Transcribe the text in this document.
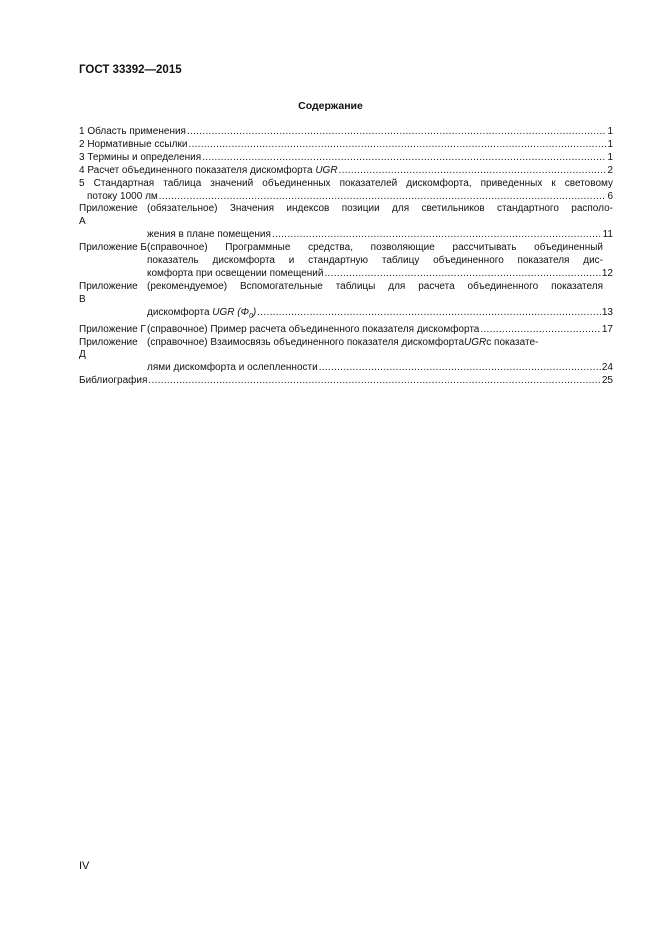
ГОСТ 33392—2015
Содержание
1 Область применения .....	1
2 Нормативные ссылки .....	1
3 Термины и определения .....	1
4 Расчет объединенного показателя дискомфорта UGR .....	2
5 Стандартная таблица значений объединенных показателей дискомфорта, приведенных к световому
потоку 1000 лм .....	6
Приложение А
(обязательное) Значения индексов позиции для светильников стандартного располо-
жения в плане помещения .....	11
Приложение Б (справочное) Программные средства, позволяющие рассчитывать объединенный
показатель дискомфорта и стандартную таблицу объединенного показателя дис-
комфорта при освещении помещений .....	12
Приложение В
(рекомендуемое) Вспомогательные таблицы для расчета объединенного показателя
дискомфорта UGR $(\Phi_0)$ .....	13
Приложение Г(справочное) Пример расчета объединенного показателя дискомфорта .....	17
Приложение Д
(справочное) Взаимосвязь объединенного показателя дискомфорта UGR с показате-
лями дискомфорта и ослепленности .....	24
Библиография .....	25
IV
